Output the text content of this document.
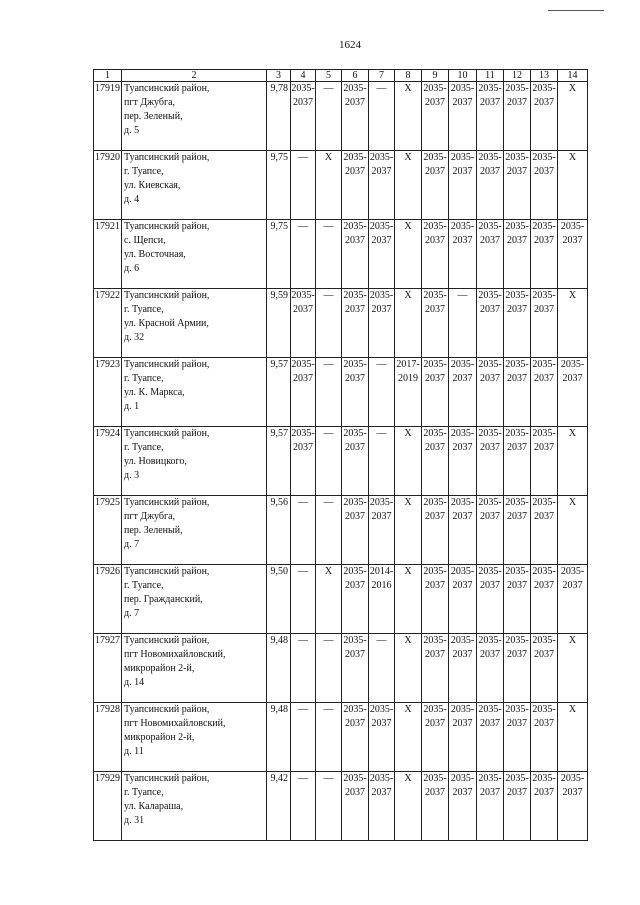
1624
1	2	3	4	5	6	7	8	9	10	11	12	13	14
17919	Туапсинский район,
пгт Джубга,
пер. Зеленый,
д. 5	9,78	2035-
2037	—	2035-
2037	—	X	2035-
2037	2035-
2037	2035-
2037	2035-
2037	2035-
2037	X

17920	Туапсинский район,
г. Туапсе,
ул. Киевская,
д. 4	9,75	—	X	2035-
2037	2035-
2037	X	2035-
2037	2035-
2037	2035-
2037	2035-
2037	2035-
2037	X

17921	Туапсинский район,
с. Щепси,
ул. Восточная,
д. 6	9,75	—	—	2035-
2037	2035-
2037	X	2035-
2037	2035-
2037	2035-
2037	2035-
2037	2035-
2037	2035-
2037

17922	Туапсинский район,
г. Туапсе,
ул. Красной Армии,
д. 32	9,59	2035-
2037	—	2035-
2037	2035-
2037	X	2035-
2037	—	2035-
2037	2035-
2037	2035-
2037	X

17923	Туапсинский район,
г. Туапсе,
ул. К. Маркса,
д. 1	9,57	2035-
2037	—	2035-
2037	—	2017-
2019	2035-
2037	2035-
2037	2035-
2037	2035-
2037	2035-
2037	2035-
2037

17924	Туапсинский район,
г. Туапсе,
ул. Новицкого,
д. 3	9,57	2035-
2037	—	2035-
2037	—	X	2035-
2037	2035-
2037	2035-
2037	2035-
2037	2035-
2037	X

17925	Туапсинский район,
пгт Джубга,
пер. Зеленый,
д. 7	9,56	—	—	2035-
2037	2035-
2037	X	2035-
2037	2035-
2037	2035-
2037	2035-
2037	2035-
2037	X

17926	Туапсинский район,
г. Туапсе,
пер. Гражданский,
д. 7	9,50	—	X	2035-
2037	2014-
2016	X	2035-
2037	2035-
2037	2035-
2037	2035-
2037	2035-
2037	2035-
2037

17927	Туапсинский район,
пгт Новомихайловский,
микрорайон 2-й,
д. 14	9,48	—	—	2035-
2037	—	X	2035-
2037	2035-
2037	2035-
2037	2035-
2037	2035-
2037	X

17928	Туапсинский район,
пгт Новомихайловский,
микрорайон 2-й,
д. 11	9,48	—	—	2035-
2037	2035-
2037	X	2035-
2037	2035-
2037	2035-
2037	2035-
2037	2035-
2037	X

17929	Туапсинский район,
г. Туапсе,
ул. Калараша,
д. 31	9,42	—	—	2035-
2037	2035-
2037	X	2035-
2037	2035-
2037	2035-
2037	2035-
2037	2035-
2037	2035-
2037
